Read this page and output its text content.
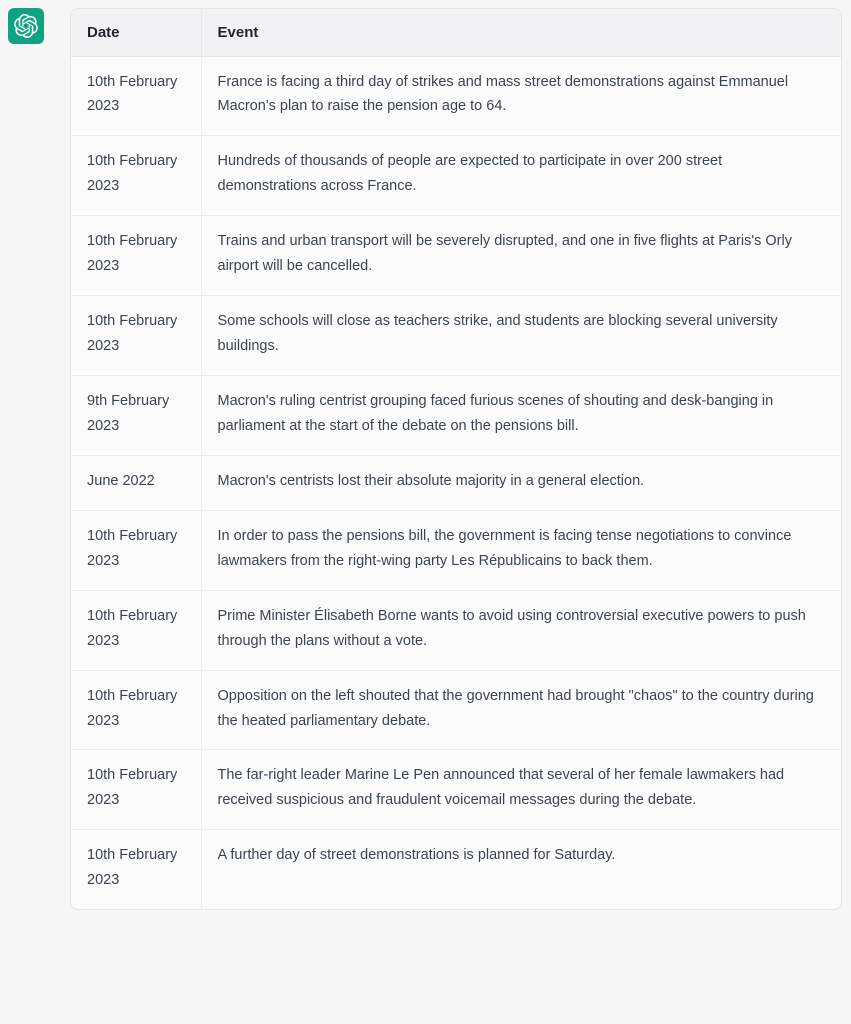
Date	Event
10th February 2023	France is facing a third day of strikes and mass street demonstrations against Emmanuel Macron's plan to raise the pension age to 64.
10th February 2023	Hundreds of thousands of people are expected to participate in over 200 street demonstrations across France.
10th February 2023	Trains and urban transport will be severely disrupted, and one in five flights at Paris's Orly airport will be cancelled.
10th February 2023	Some schools will close as teachers strike, and students are blocking several university buildings.
9th February 2023	Macron's ruling centrist grouping faced furious scenes of shouting and desk-banging in parliament at the start of the debate on the pensions bill.
June 2022	Macron's centrists lost their absolute majority in a general election.
10th February 2023	In order to pass the pensions bill, the government is facing tense negotiations to convince lawmakers from the right-wing party Les Républicains to back them.
10th February 2023	Prime Minister Élisabeth Borne wants to avoid using controversial executive powers to push through the plans without a vote.
10th February 2023	Opposition on the left shouted that the government had brought "chaos" to the country during the heated parliamentary debate.
10th February 2023	The far-right leader Marine Le Pen announced that several of her female lawmakers had received suspicious and fraudulent voicemail messages during the debate.
10th February 2023	A further day of street demonstrations is planned for Saturday.
